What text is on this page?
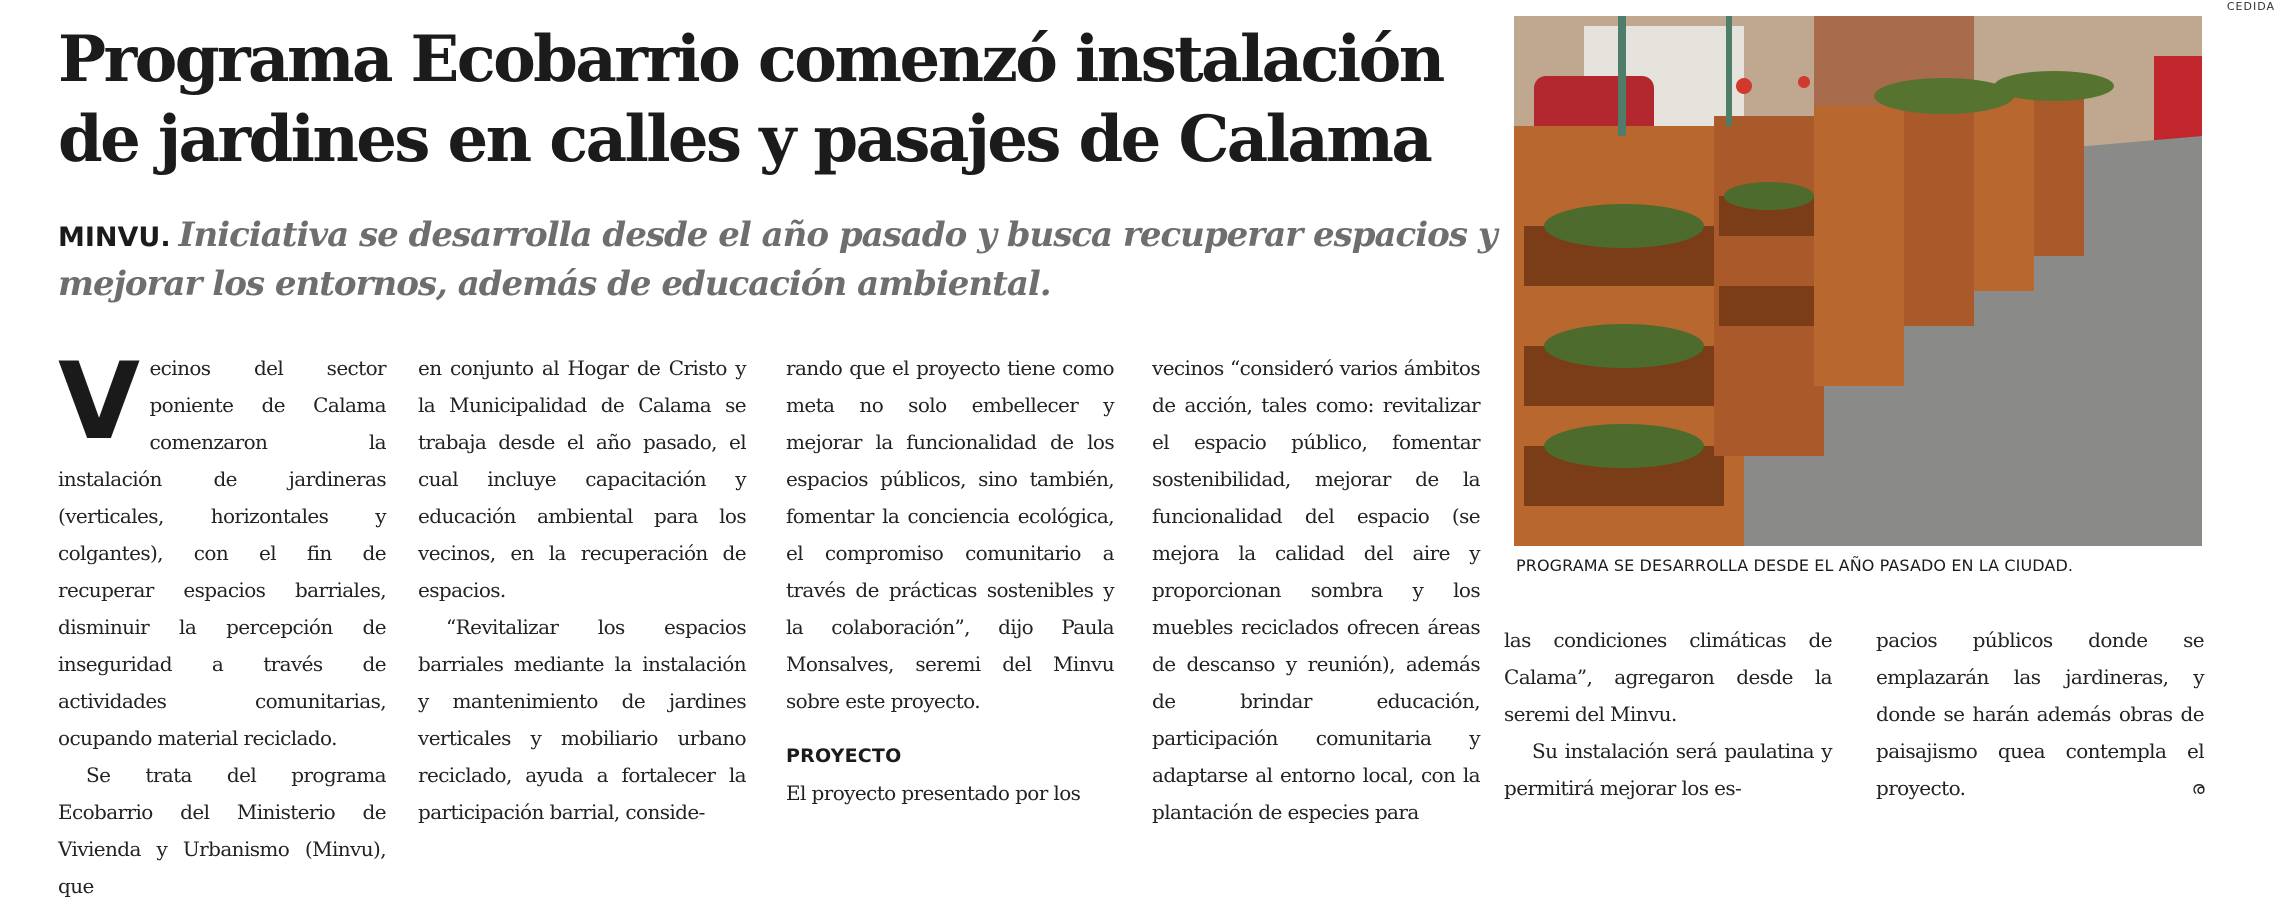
CEDIDA
Programa Ecobarrio comenzó instalación de jardines en calles y pasajes de Calama

MINVU. Iniciativa se desarrolla desde el año pasado y busca recuperar espacios y mejorar los entornos, además de educación ambiental.

Vecinos del sector poniente de Calama comenzaron la instalación de jardineras (verticales, horizontales y colgantes), con el fin de recuperar espacios barriales, disminuir la percepción de inseguridad a través de actividades comunitarias, ocupando material reciclado.

Se trata del programa Ecobarrio del Ministerio de Vivienda y Urbanismo (Minvu), que

en conjunto al Hogar de Cristo y la Municipalidad de Calama se trabaja desde el año pasado, el cual incluye capacitación y educación ambiental para los vecinos, en la recuperación de espacios.

“Revitalizar los espacios barriales mediante la instalación y mantenimiento de jardines verticales y mobiliario urbano reciclado, ayuda a fortalecer la participación barrial, conside-

rando que el proyecto tiene como meta no solo embellecer y mejorar la funcionalidad de los espacios públicos, sino también, fomentar la conciencia ecológica, el compromiso comunitario a través de prácticas sostenibles y la colaboración”, dijo Paula Monsalves, seremi del Minvu sobre este proyecto.

PROYECTO

El proyecto presentado por los

vecinos “consideró varios ámbitos de acción, tales como: revitalizar el espacio público, fomentar sostenibilidad, mejorar de la funcionalidad del espacio (se mejora la calidad del aire y proporcionan sombra y los muebles reciclados ofrecen áreas de descanso y reunión), además de brindar educación, participación comunitaria y adaptarse al entorno local, con la plantación de especies para

las condiciones climáticas de Calama”, agregaron desde la seremi del Minvu.

Su instalación será paulatina y permitirá mejorar los es-

pacios públicos donde se emplazarán las jardineras, y donde se harán además obras de paisajismo quea contempla el proyecto.	ര

PROGRAMA SE DESARROLLA DESDE EL AÑO PASADO EN LA CIUDAD.
